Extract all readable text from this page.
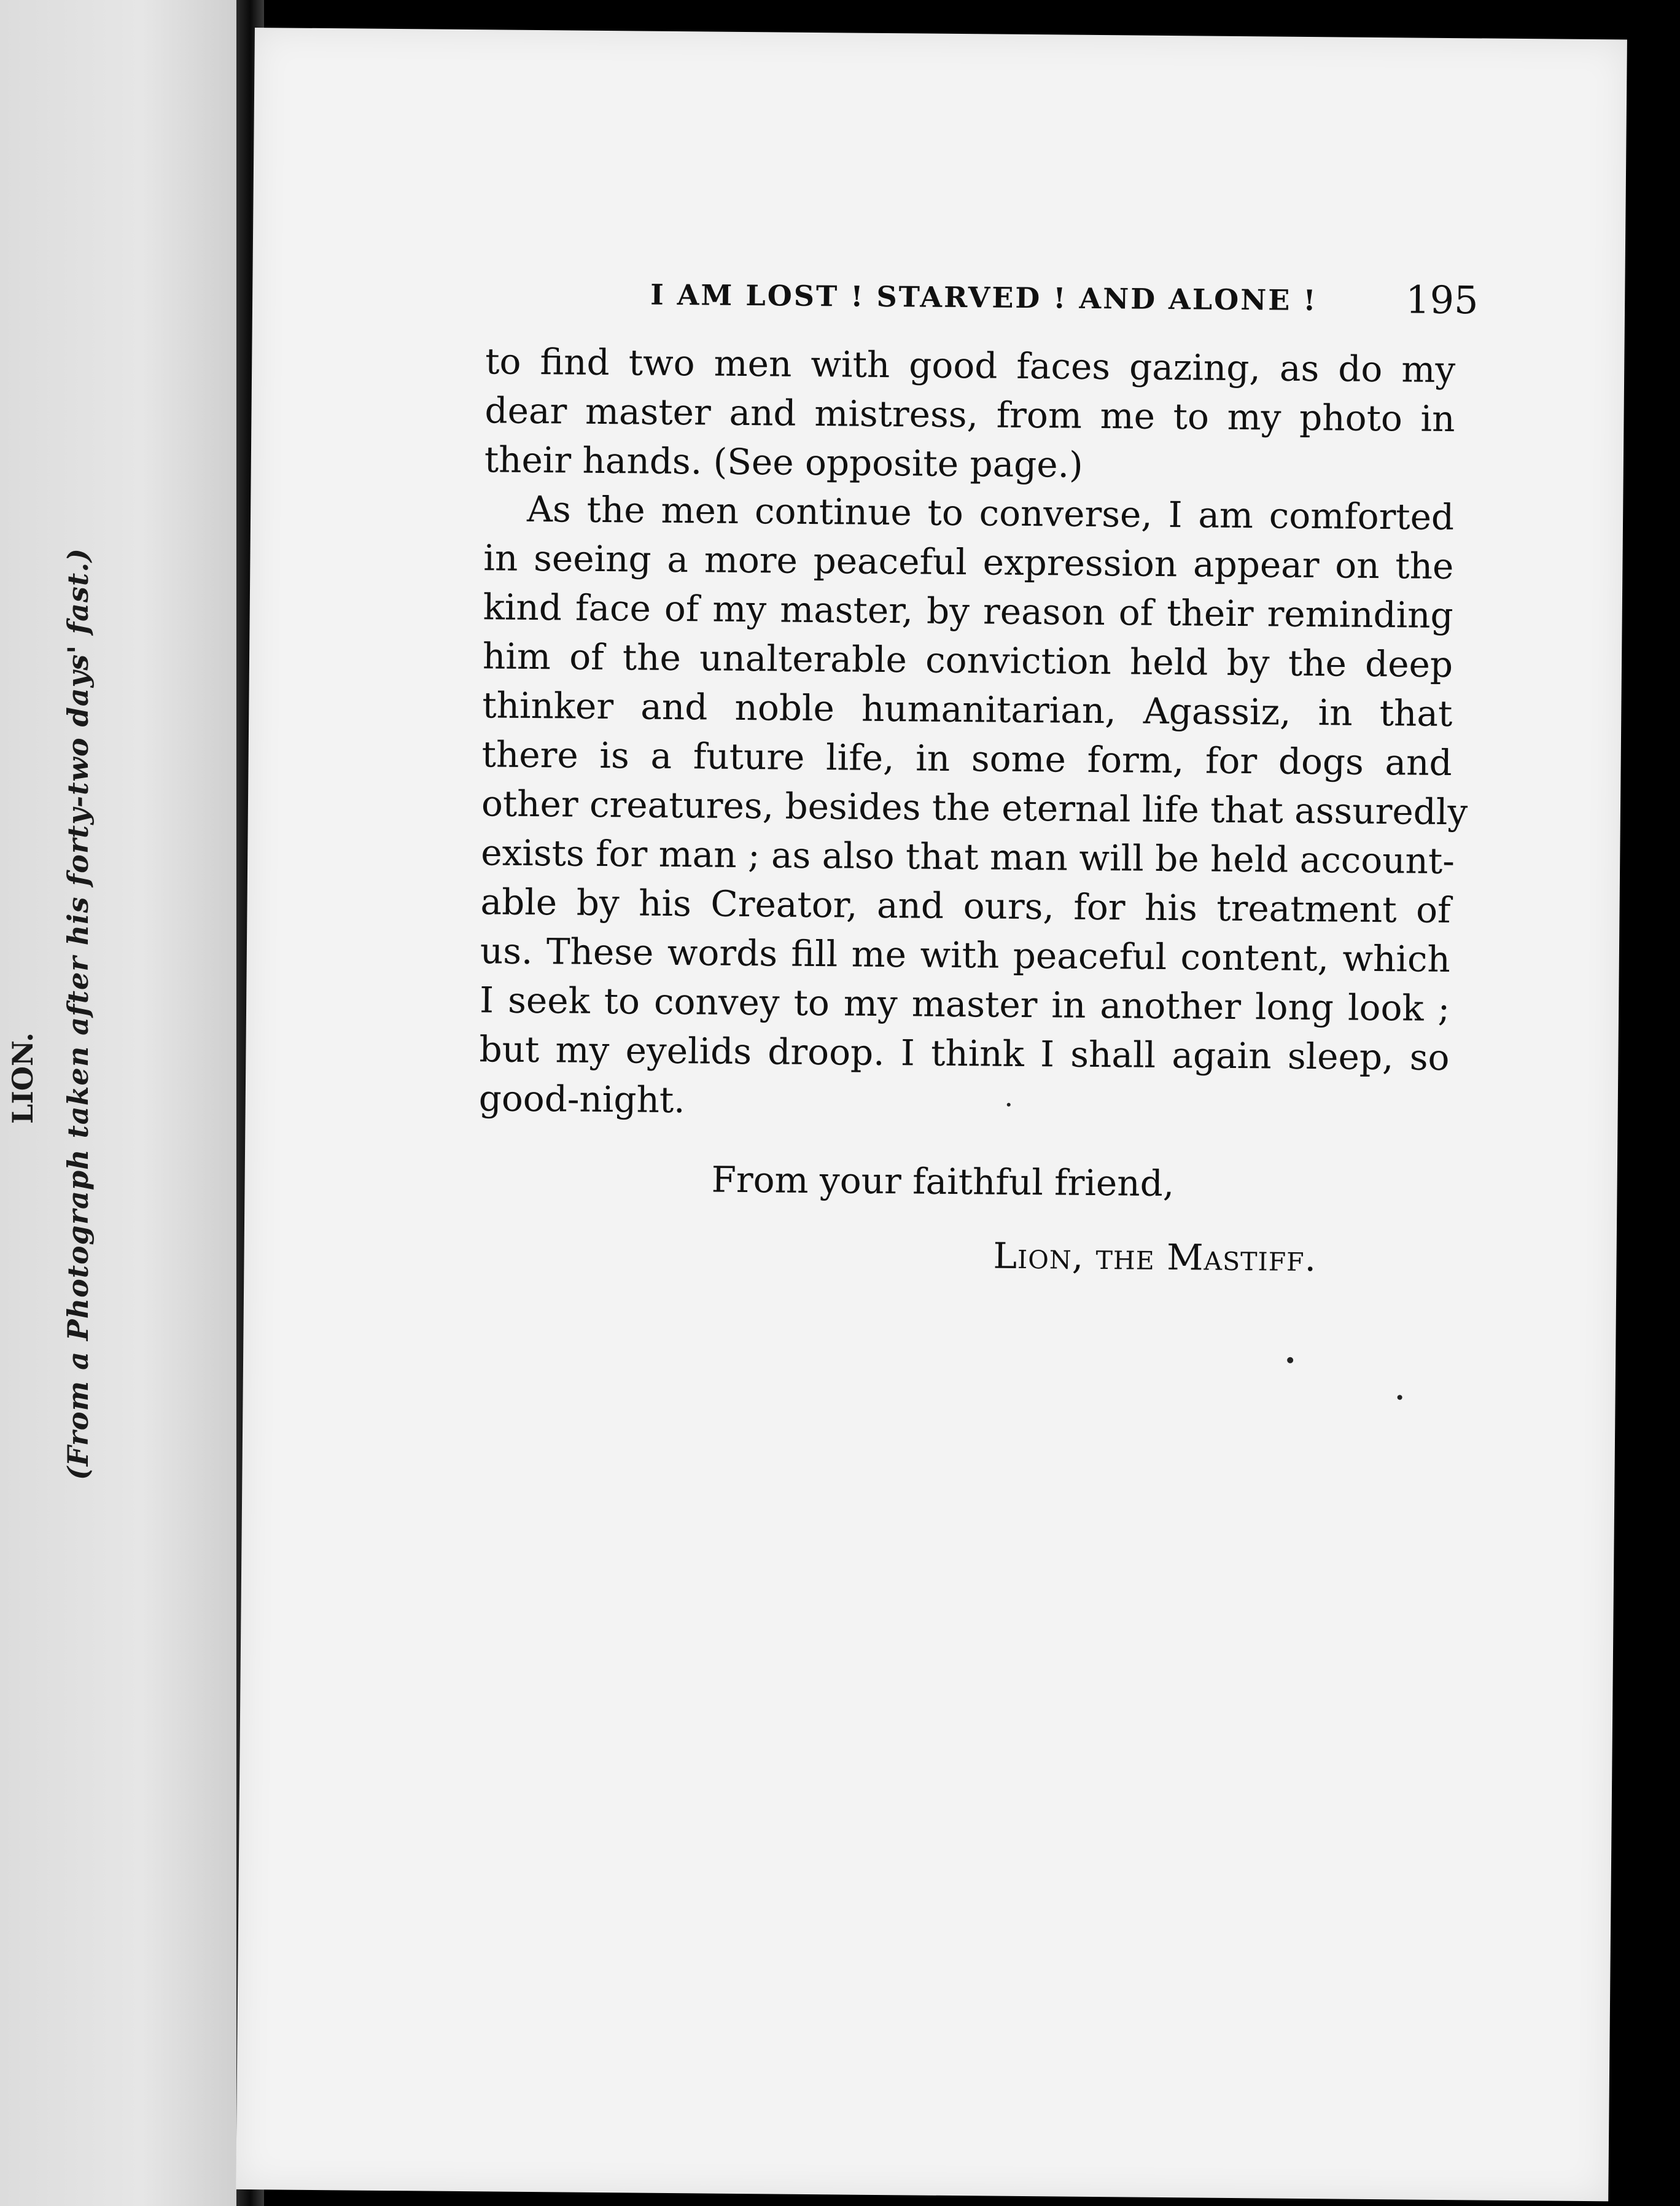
LION. (From a Photograph taken after his forty-two days' fast.)
I AM LOST ! STARVED ! AND ALONE ! 195
to find two men with good faces gazing, as do my
dear master and mistress, from me to my photo in
their hands. (See opposite page.)
As the men continue to converse, I am comforted
in seeing a more peaceful expression appear on the
kind face of my master, by reason of their reminding
him of the unalterable conviction held by the deep
thinker and noble humanitarian, Agassiz, in that
there is a future life, in some form, for dogs and
other creatures, besides the eternal life that assuredly
exists for man ; as also that man will be held account-
able by his Creator, and ours, for his treatment of
us. These words fill me with peaceful content, which
I seek to convey to my master in another long look ;
but my eyelids droop. I think I shall again sleep, so
good-night.
From your faithful friend,
Lion, the Mastiff.
